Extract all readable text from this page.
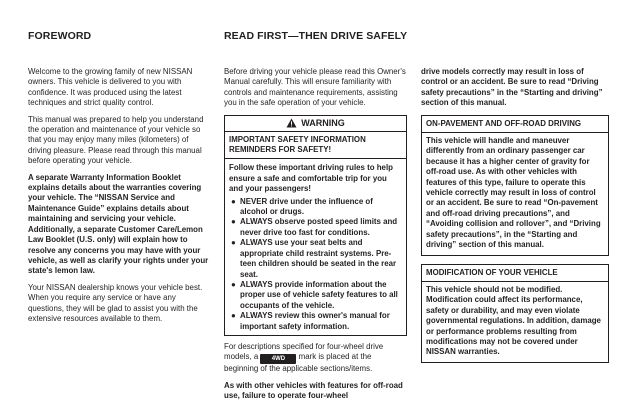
FOREWORD	READ FIRST—THEN DRIVE SAFELY

Welcome to the growing family of new NISSAN owners. This vehicle is delivered to you with confidence. It was produced using the latest techniques and strict quality control.

This manual was prepared to help you understand the operation and maintenance of your vehicle so that you may enjoy many miles (kilometers) of driving pleasure. Please read through this manual before operating your vehicle.

A separate Warranty Information Booklet explains details about the warranties covering your vehicle. The “NISSAN Service and Maintenance Guide” explains details about maintaining and servicing your vehicle. Additionally, a separate Customer Care/Lemon Law Booklet (U.S. only) will explain how to resolve any concerns you may have with your vehicle, as well as clarify your rights under your state's lemon law.

Your NISSAN dealership knows your vehicle best. When you require any service or have any questions, they will be glad to assist you with the extensive resources available to them.

Before driving your vehicle please read this Owner's Manual carefully. This will ensure familiarity with controls and maintenance requirements, assisting you in the safe operation of your vehicle.

WARNING
IMPORTANT SAFETY INFORMATION REMINDERS FOR SAFETY!
Follow these important driving rules to help ensure a safe and comfortable trip for you and your passengers!
● NEVER drive under the influence of alcohol or drugs.
● ALWAYS observe posted speed limits and never drive too fast for conditions.
● ALWAYS use your seat belts and appropriate child restraint systems. Pre-teen children should be seated in the rear seat.
● ALWAYS provide information about the proper use of vehicle safety features to all occupants of the vehicle.
● ALWAYS review this owner's manual for important safety information.

For descriptions specified for four-wheel drive models, a 4WD mark is placed at the beginning of the applicable sections/items.

As with other vehicles with features for off-road use, failure to operate four-wheel

drive models correctly may result in loss of control or an accident. Be sure to read “Driving safety precautions” in the “Starting and driving” section of this manual.

ON-PAVEMENT AND OFF-ROAD DRIVING
This vehicle will handle and maneuver differently from an ordinary passenger car because it has a higher center of gravity for off-road use. As with other vehicles with features of this type, failure to operate this vehicle correctly may result in loss of control or an accident. Be sure to read “On-pavement and off-road driving precautions”, and “Avoiding collision and rollover”, and “Driving safety precautions”, in the “Starting and driving” section of this manual.
MODIFICATION OF YOUR VEHICLE
This vehicle should not be modified. Modification could affect its performance, safety or durability, and may even violate governmental regulations. In addition, damage or performance problems resulting from modifications may not be covered under NISSAN warranties.
